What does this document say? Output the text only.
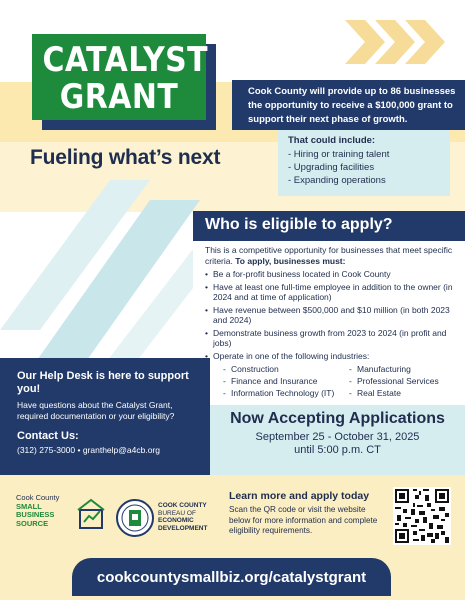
CATALYST
GRANT	Cook County will provide up to 86 businesses the opportunity to receive a $100,000 grant to support their next phase of growth.

Fueling what’s next
That could include:
- Hiring or training talent
- Upgrading facilities
- Expanding operations
Who is eligible to apply?

This is a competitive opportunity for businesses that meet specific criteria. To apply, businesses must:

• Be a for-profit business located in Cook County
• Have at least one full-time employee in addition to the owner (in 2024 and at time of application)
• Have revenue between $500,000 and $10 million (in both 2023 and 2024)
• Demonstrate business growth from 2023 to 2024 (in profit and jobs)
• Operate in one of the following industries:
- Construction	- Manufacturing
- Finance and Insurance	- Professional Services
- Information Technology (IT)	- Real Estate
Our Help Desk is here to support you!
Have questions about the Catalyst Grant, required documentation or your eligibility?
Contact Us:
(312) 275-3000 • granthelp@a4cb.org
Now Accepting Applications
September 25 - October 31, 2025
until 5:00 p.m. CT
Cook County
SMALL
BUSINESS
SOURCE
COOK COUNTY
BUREAU OF
ECONOMIC
DEVELOPMENT
Learn more and apply today
Scan the QR code or visit the website below for more information and complete eligibility requirements.
cookcountysmallbiz.org/catalystgrant
